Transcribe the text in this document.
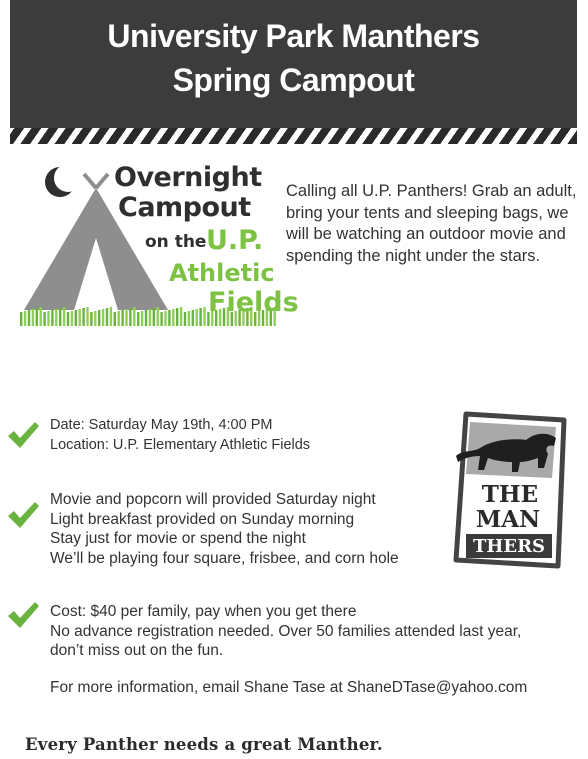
University Park Manthers
Spring Campout
Overnight
Campout
on the U.P.
Athletic
Fields
Calling all U.P. Panthers! Grab an adult, bring your tents and sleeping bags, we will be watching an outdoor movie and spending the night under the stars.
Date: Saturday May 19th, 4:00 PM
Location: U.P. Elementary Athletic Fields
Movie and popcorn will provided Saturday night
Light breakfast provided on Sunday morning
Stay just for movie or spend the night
We’ll be playing four square, frisbee, and corn hole
Cost: $40 per family, pay when you get there
No advance registration needed. Over 50 families attended last year,
don’t miss out on the fun.
For more information, email Shane Tase at ShaneDTase@yahoo.com
THE
MAN
THERS
Every Panther needs a great Manther.
